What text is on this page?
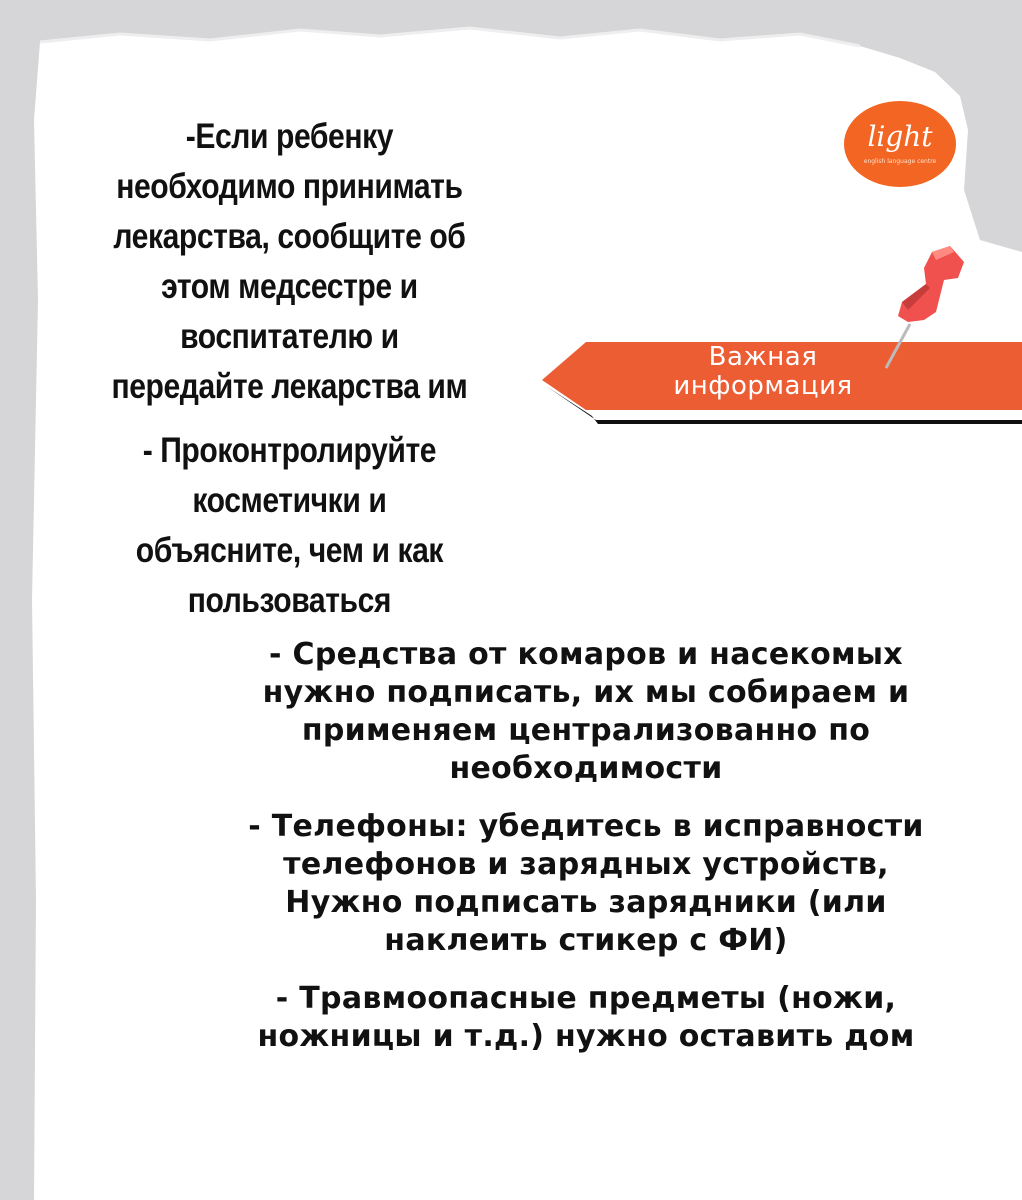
-Если ребенку
необходимо принимать
лекарства, сообщите об
этом медсестре и
воспитателю и
передайте лекарства им

- Проконтролируйте
косметички и
объясните, чем и как
пользоваться

light
english language centre
Важная
информация

- Средства от комаров и насекомых
нужно подписать, их мы собираем и
применяем централизованно по
необходимости

- Телефоны: убедитесь в исправности
телефонов и зарядных устройств,
Нужно подписать зарядники (или
наклеить стикер с ФИ)

- Травмоопасные предметы (ножи,
ножницы и т.д.) нужно оставить дом
